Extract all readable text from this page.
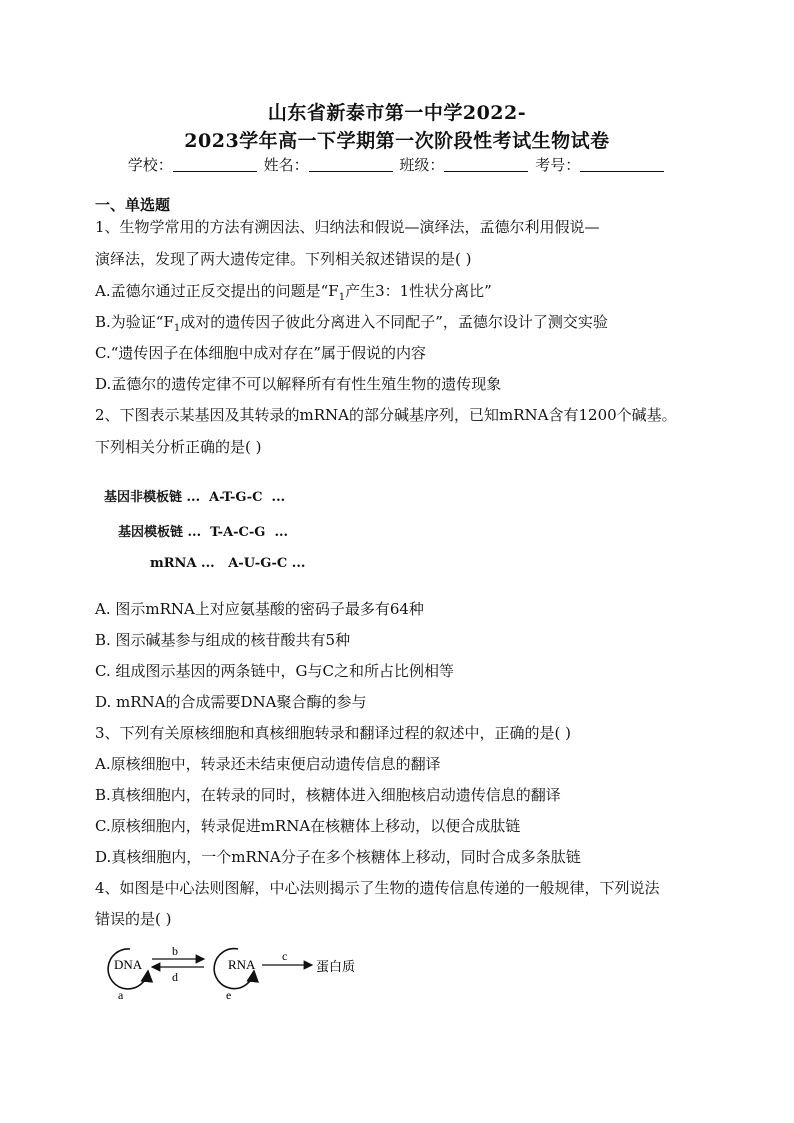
山东省新泰市第一中学2022-
2023学年高一下学期第一次阶段性考试生物试卷
学校：	姓名：	班级：	考号：
一、单选题
1、生物学常用的方法有溯因法、归纳法和假说—演绎法，孟德尔利用假说—
演绎法，发现了两大遗传定律。下列相关叙述错误的是( )
A.孟德尔通过正反交提出的问题是“$F_1$产生3：1性状分离比”
B.为验证“$F_1$成对的遗传因子彼此分离进入不同配子”，孟德尔设计了测交实验
C.“遗传因子在体细胞中成对存在”属于假说的内容
D.孟德尔的遗传定律不可以解释所有有性生殖生物的遗传现象
2、下图表示某基因及其转录的mRNA的部分碱基序列，已知mRNA含有1200个碱基。
下列相关分析正确的是( )
基因非模板链 ...  A-T-G-C  ...
基因模板链 ...  T-A-C-G  ...
mRNA ...   A-U-G-C ...
A. 图示mRNA上对应氨基酸的密码子最多有64种
B. 图示碱基参与组成的核苷酸共有5种
C. 组成图示基因的两条链中，G与C之和所占比例相等
D. mRNA的合成需要DNA聚合酶的参与
3、下列有关原核细胞和真核细胞转录和翻译过程的叙述中，正确的是( )
A.原核细胞中，转录还未结束便启动遗传信息的翻译
B.真核细胞内，在转录的同时，核糖体进入细胞核启动遗传信息的翻译
C.原核细胞内，转录促进mRNA在核糖体上移动，以便合成肽链
D.真核细胞内，一个mRNA分子在多个核糖体上移动，同时合成多条肽链
4、如图是中心法则图解，中心法则揭示了生物的遗传信息传递的一般规律，下列说法
错误的是( )
DNA
a
b
d
RNA
e
c
蛋白质
